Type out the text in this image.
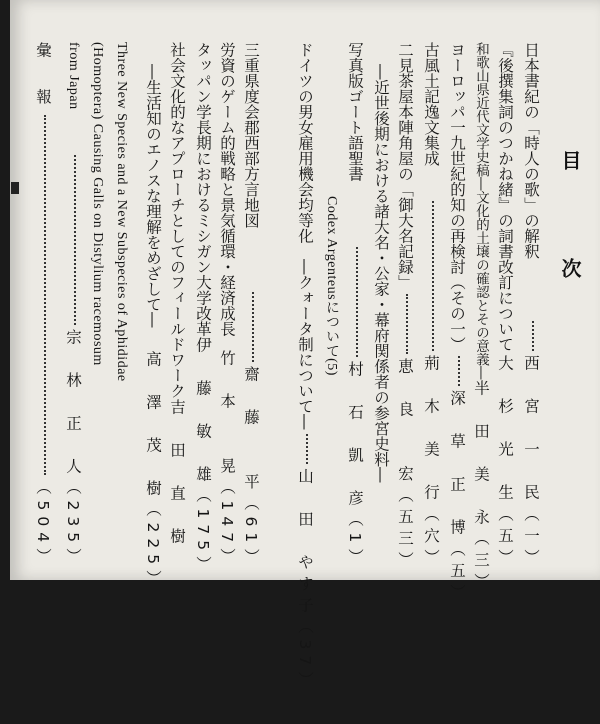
目　次
日本書紀の「時人の歌」の解釈
西　宮　一　民
（一）
『後撰集詞のつかね緒』の詞書改訂について
大　杉　光　生
（五）
和歌山県近代文学史稿―文化的土壌の確認とその意義―
半　田　美　永
（三）
ヨーロッパ一九世紀的知の再検討（その一）
深　草　正　博
（五）
古風土記逸文集成
荊　木　美　行
（穴）
二見茶屋本陣角屋の「御大名記録」
恵　良　　宏
（五三）
―近世後期における諸大名・公家・幕府関係者の参宮史料―
写真版ゴート語聖書
村　石　凱　彦
（1）
Codex Argenteusについて(5)
ドイツの男女雇用機会均等化　―クォータ制について―
山　田　やす子
（37）
三重県度会郡西部方言地図
齋　藤　　平
（61）
労資のゲーム的戦略と景気循環・経済成長
竹　本　　晃
（147）
タッパン学長期におけるミシガン大学改革
伊　藤　敏　雄
（175）
社会文化的なアプローチとしてのフィールドワーク
吉　田　直　樹
―生活知のエノスな理解をめざして―
高　澤　茂　樹
（225）
Three New Species and a New Subspecies of Aphididae
(Homoptera) Causing Galls on Distylium racemosum
from Japan
宗　林　正　人
（235）
彙　　報
（504）
